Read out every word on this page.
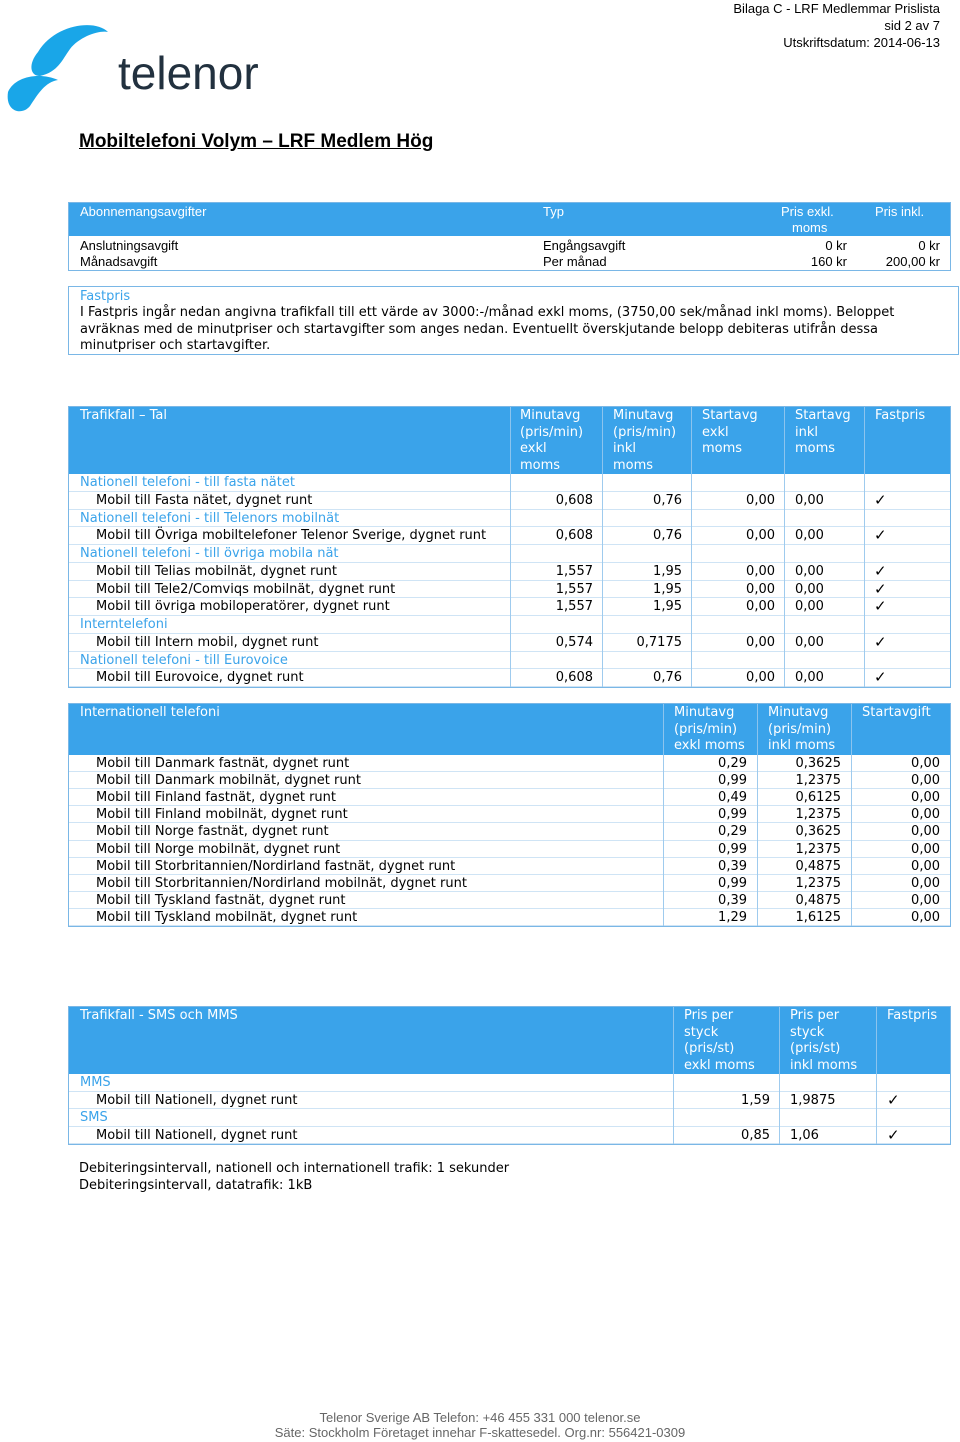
Bilaga C - LRF Medlemmar Prislista
sid 2 av 7
Utskriftsdatum: 2014-06-13
telenor
Mobiltelefoni Volym – LRF Medlem Hög
Abonnemangsavgifter	Typ	Pris exkl.
moms
Pris inkl.
Anslutningsavgift	Engångsavgift	0 kr	0 kr
Månadsavgift	Per månad	160 kr	200,00 kr
Fastpris
I Fastpris ingår nedan angivna trafikfall till ett värde av 3000:-/månad exkl moms, (3750,00 sek/månad inkl moms). Beloppet
avräknas med de minutpriser och startavgifter som anges nedan. Eventuellt överskjutande belopp debiteras utifrån dessa
minutpriser och startavgifter.
Trafikfall – Tal	Minutavg
(pris/min)
exkl
moms
Minutavg
(pris/min)
inkl
moms
Startavg
exkl
moms
Startavg
inkl
moms
Fastpris
Nationell telefoni - till fasta nätet
Mobil till Fasta nätet, dygnet runt	0,608	0,76	0,00 0,00	✓
Nationell telefoni - till Telenors mobilnät
Mobil till Övriga mobiltelefoner Telenor Sverige, dygnet runt	0,608	0,76	0,00 0,00	✓
Nationell telefoni - till övriga mobila nät
Mobil till Telias mobilnät, dygnet runt	1,557	1,95	0,00 0,00	✓
Mobil till Tele2/Comviqs mobilnät, dygnet runt	1,557	1,95	0,00 0,00	✓
Mobil till övriga mobiloperatörer, dygnet runt	1,557	1,95	0,00 0,00	✓
Interntelefoni
Mobil till Intern mobil, dygnet runt	0,574	0,7175	0,00 0,00	✓
Nationell telefoni - till Eurovoice
Mobil till Eurovoice, dygnet runt	0,608	0,76	0,00 0,00	✓
Internationell telefoni	Minutavg
(pris/min)
exkl moms
Minutavg
(pris/min)
inkl moms
Startavgift
Mobil till Danmark fastnät, dygnet runt	0,29	0,3625	0,00
Mobil till Danmark mobilnät, dygnet runt	0,99	1,2375	0,00
Mobil till Finland fastnät, dygnet runt	0,49	0,6125	0,00
Mobil till Finland mobilnät, dygnet runt	0,99	1,2375	0,00
Mobil till Norge fastnät, dygnet runt	0,29	0,3625	0,00
Mobil till Norge mobilnät, dygnet runt	0,99	1,2375	0,00
Mobil till Storbritannien/Nordirland fastnät, dygnet runt	0,39	0,4875	0,00
Mobil till Storbritannien/Nordirland mobilnät, dygnet runt	0,99	1,2375	0,00
Mobil till Tyskland fastnät, dygnet runt	0,39	0,4875	0,00
Mobil till Tyskland mobilnät, dygnet runt	1,29	1,6125	0,00
Trafikfall - SMS och MMS	Pris per
styck
(pris/st)
exkl moms
Pris per
styck
(pris/st)
inkl moms
Fastpris
MMS
Mobil till Nationell, dygnet runt	1,59 1,9875	✓
SMS
Mobil till Nationell, dygnet runt	0,85 1,06	✓
Debiteringsintervall, nationell och internationell trafik: 1 sekunder
Debiteringsintervall, datatrafik: 1kB
Telenor Sverige AB Telefon: +46 455 331 000 telenor.se
Säte: Stockholm Företaget innehar F-skattesedel. Org.nr: 556421-0309
